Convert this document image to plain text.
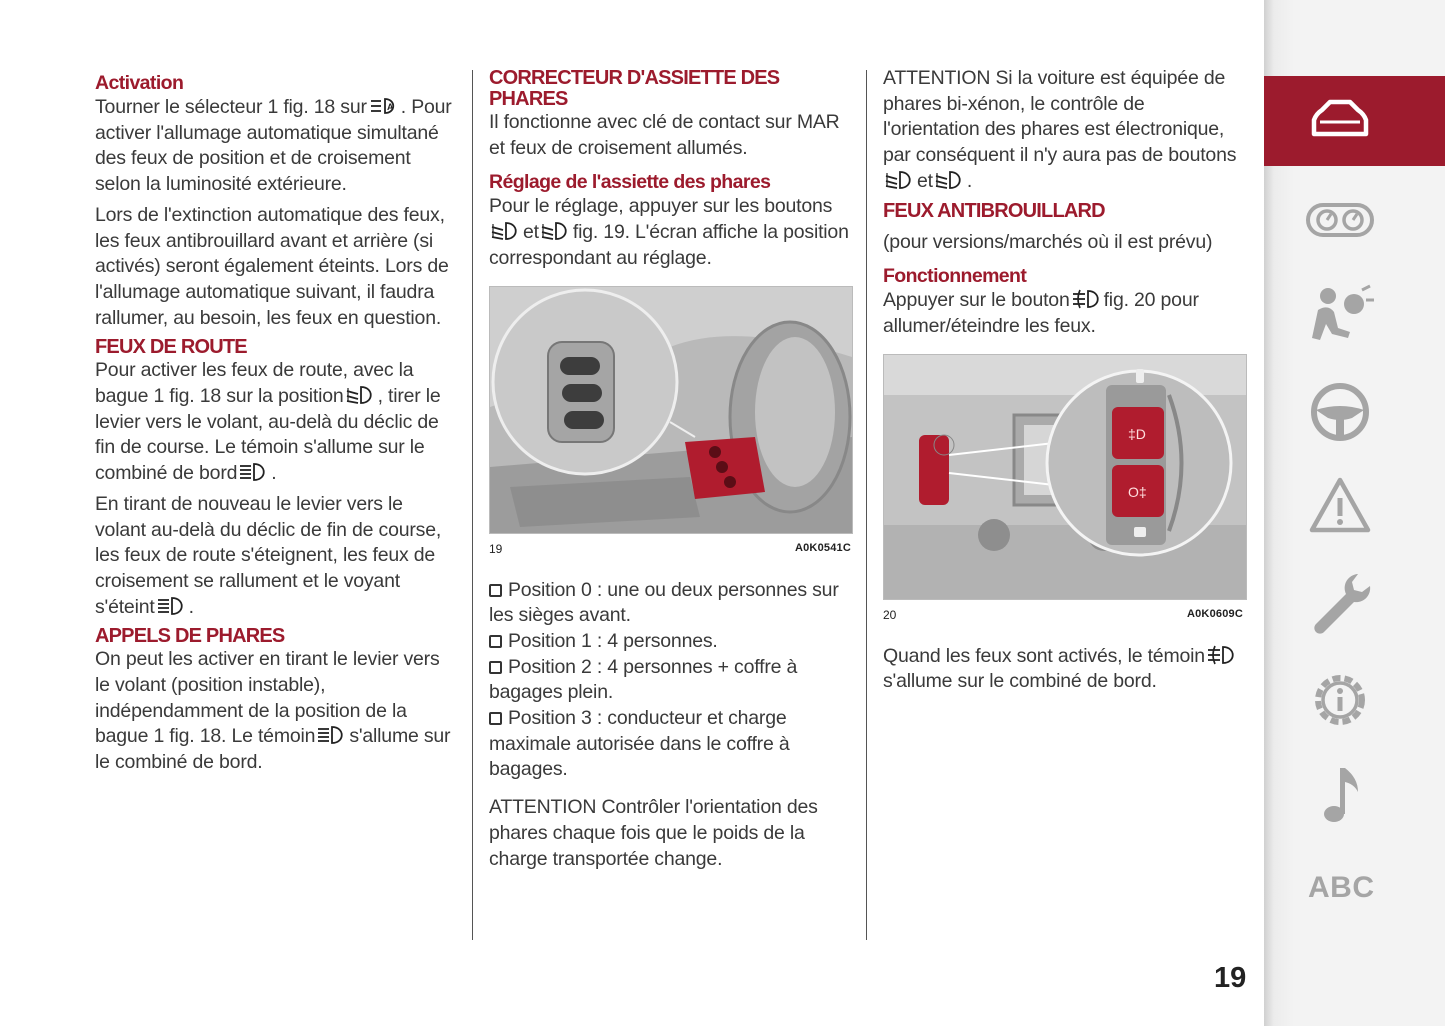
Activation

Tourner le sélecteur 1 fig. 18 sur . Pour activer l'allumage automatique simultané des feux de position et de croisement selon la luminosité extérieure.

Lors de l'extinction automatique des feux, les feux antibrouillard avant et arrière (si activés) seront également éteints. Lors de l'allumage automatique suivant, il faudra rallumer, au besoin, les feux en question.

FEUX DE ROUTE

Pour activer les feux de route, avec la bague 1 fig. 18 sur la position , tirer le levier vers le volant, au-delà du déclic de fin de course. Le témoin s'allume sur le combiné de bord .

En tirant de nouveau le levier vers le volant au-delà du déclic de fin de course, les feux de route s'éteignent, les feux de croisement se rallument et le voyant s'éteint .

APPELS DE PHARES

On peut les activer en tirant le levier vers le volant (position instable), indépendamment de la position de la bague 1 fig. 18. Le témoin s'allume sur le combiné de bord.

CORRECTEUR D'ASSIETTE DES PHARES

Il fonctionne avec clé de contact sur MAR et feux de croisement allumés.

Réglage de l'assiette des phares

Pour le réglage, appuyer sur les boutons
et fig. 19. L'écran affiche la position correspondant au réglage.

19	A0K0541C

Position 0 : une ou deux personnes sur les sièges avant.

Position 1 : 4 personnes.

Position 2 : 4 personnes + coffre à bagages plein.

Position 3 : conducteur et charge maximale autorisée dans le coffre à bagages.

ATTENTION Contrôler l'orientation des phares chaque fois que le poids de la charge transportée change.

ATTENTION Si la voiture est équipée de phares bi-xénon, le contrôle de l'orientation des phares est électronique, par conséquent il n'y aura pas de boutons
et .

FEUX ANTIBROUILLARD

(pour versions/marchés où il est prévu)

Fonctionnement

Appuyer sur le bouton fig. 20 pour allumer/éteindre les feux.

‡D
O‡
20	A0K0609C

Quand les feux sont activés, le témoin
s'allume sur le combiné de bord.

ABC
19
